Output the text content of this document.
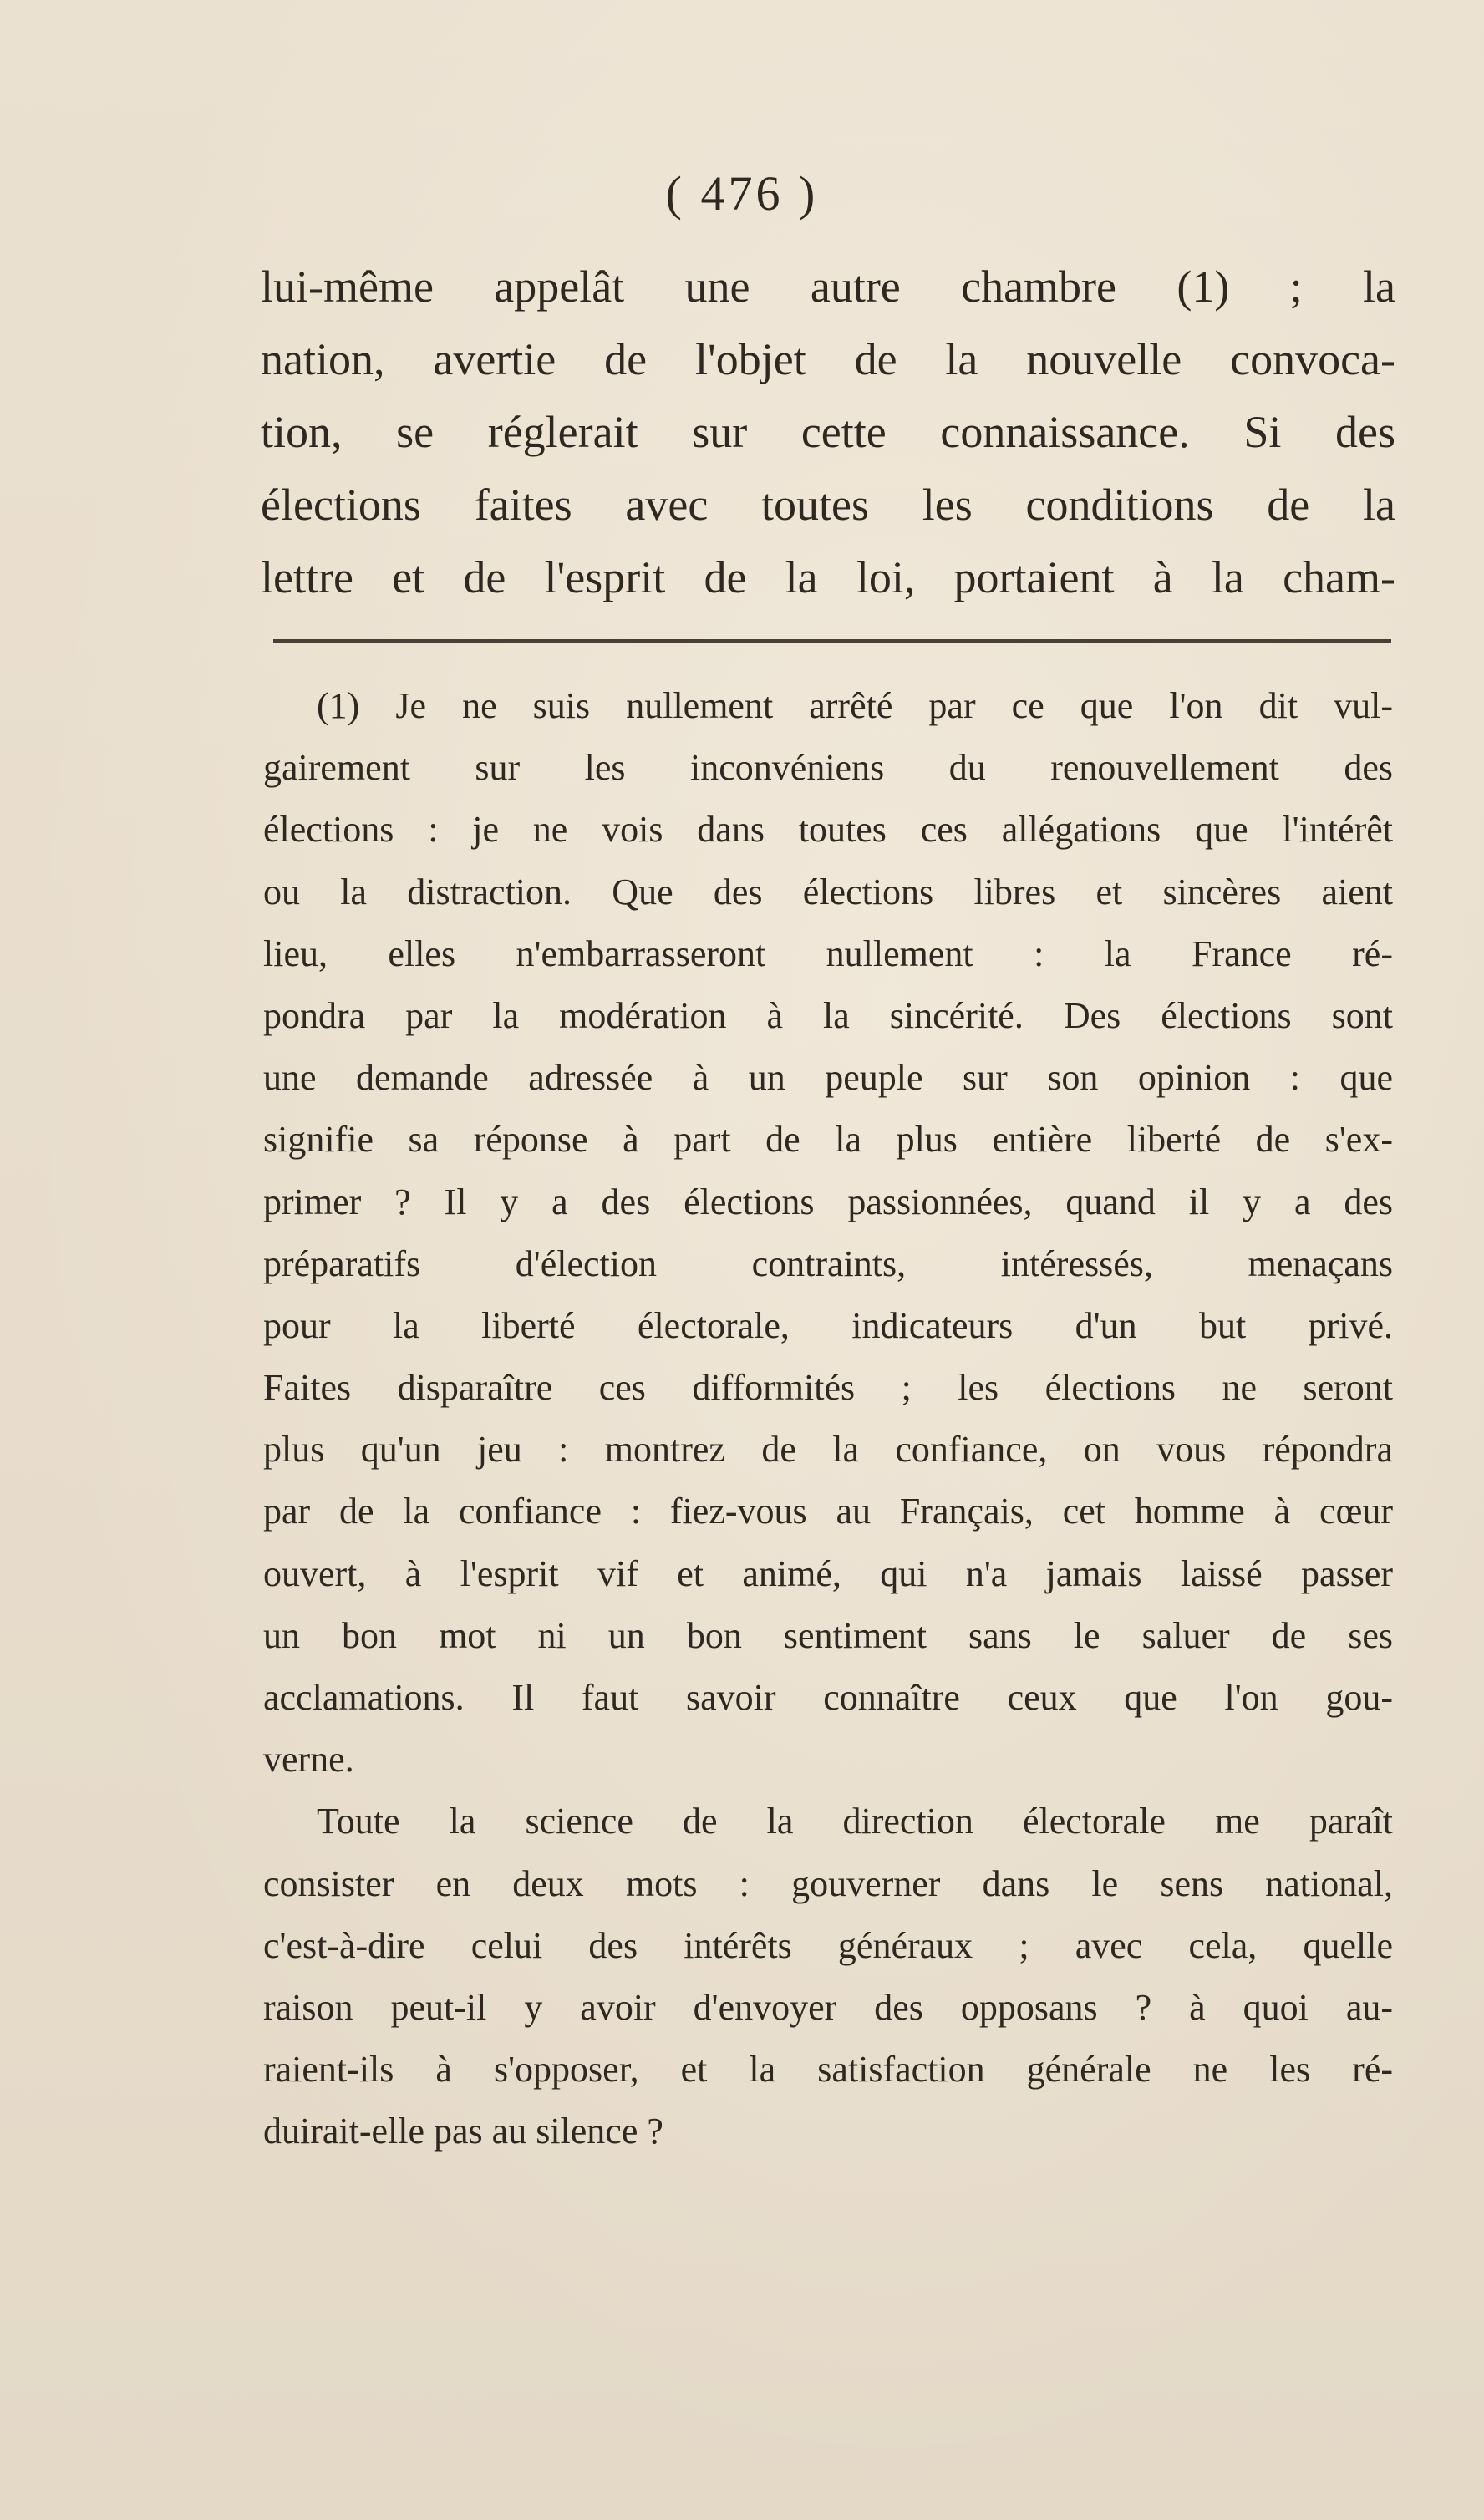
( 476 )
lui-même appelât une autre chambre (1) ; la
nation, avertie de l'objet de la nouvelle convoca-
tion, se réglerait sur cette connaissance. Si des
élections faites avec toutes les conditions de la
lettre et de l'esprit de la loi, portaient à la cham-
(1) Je ne suis nullement arrêté par ce que l'on dit vul-
gairement sur les inconvéniens du renouvellement des
élections : je ne vois dans toutes ces allégations que l'intérêt
ou la distraction. Que des élections libres et sincères aient
lieu, elles n'embarrasseront nullement : la France ré-
pondra par la modération à la sincérité. Des élections sont
une demande adressée à un peuple sur son opinion : que
signifie sa réponse à part de la plus entière liberté de s'ex-
primer ? Il y a des élections passionnées, quand il y a des
préparatifs d'élection contraints, intéressés, menaçans
pour la liberté électorale, indicateurs d'un but privé.
Faites disparaître ces difformités ; les élections ne seront
plus qu'un jeu : montrez de la confiance, on vous répondra
par de la confiance : fiez-vous au Français, cet homme à cœur
ouvert, à l'esprit vif et animé, qui n'a jamais laissé passer
un bon mot ni un bon sentiment sans le saluer de ses
acclamations. Il faut savoir connaître ceux que l'on gou-
verne.
Toute la science de la direction électorale me paraît
consister en deux mots : gouverner dans le sens national,
c'est-à-dire celui des intérêts généraux ; avec cela, quelle
raison peut-il y avoir d'envoyer des opposans ? à quoi au-
raient-ils à s'opposer, et la satisfaction générale ne les ré-
duirait-elle pas au silence ?
